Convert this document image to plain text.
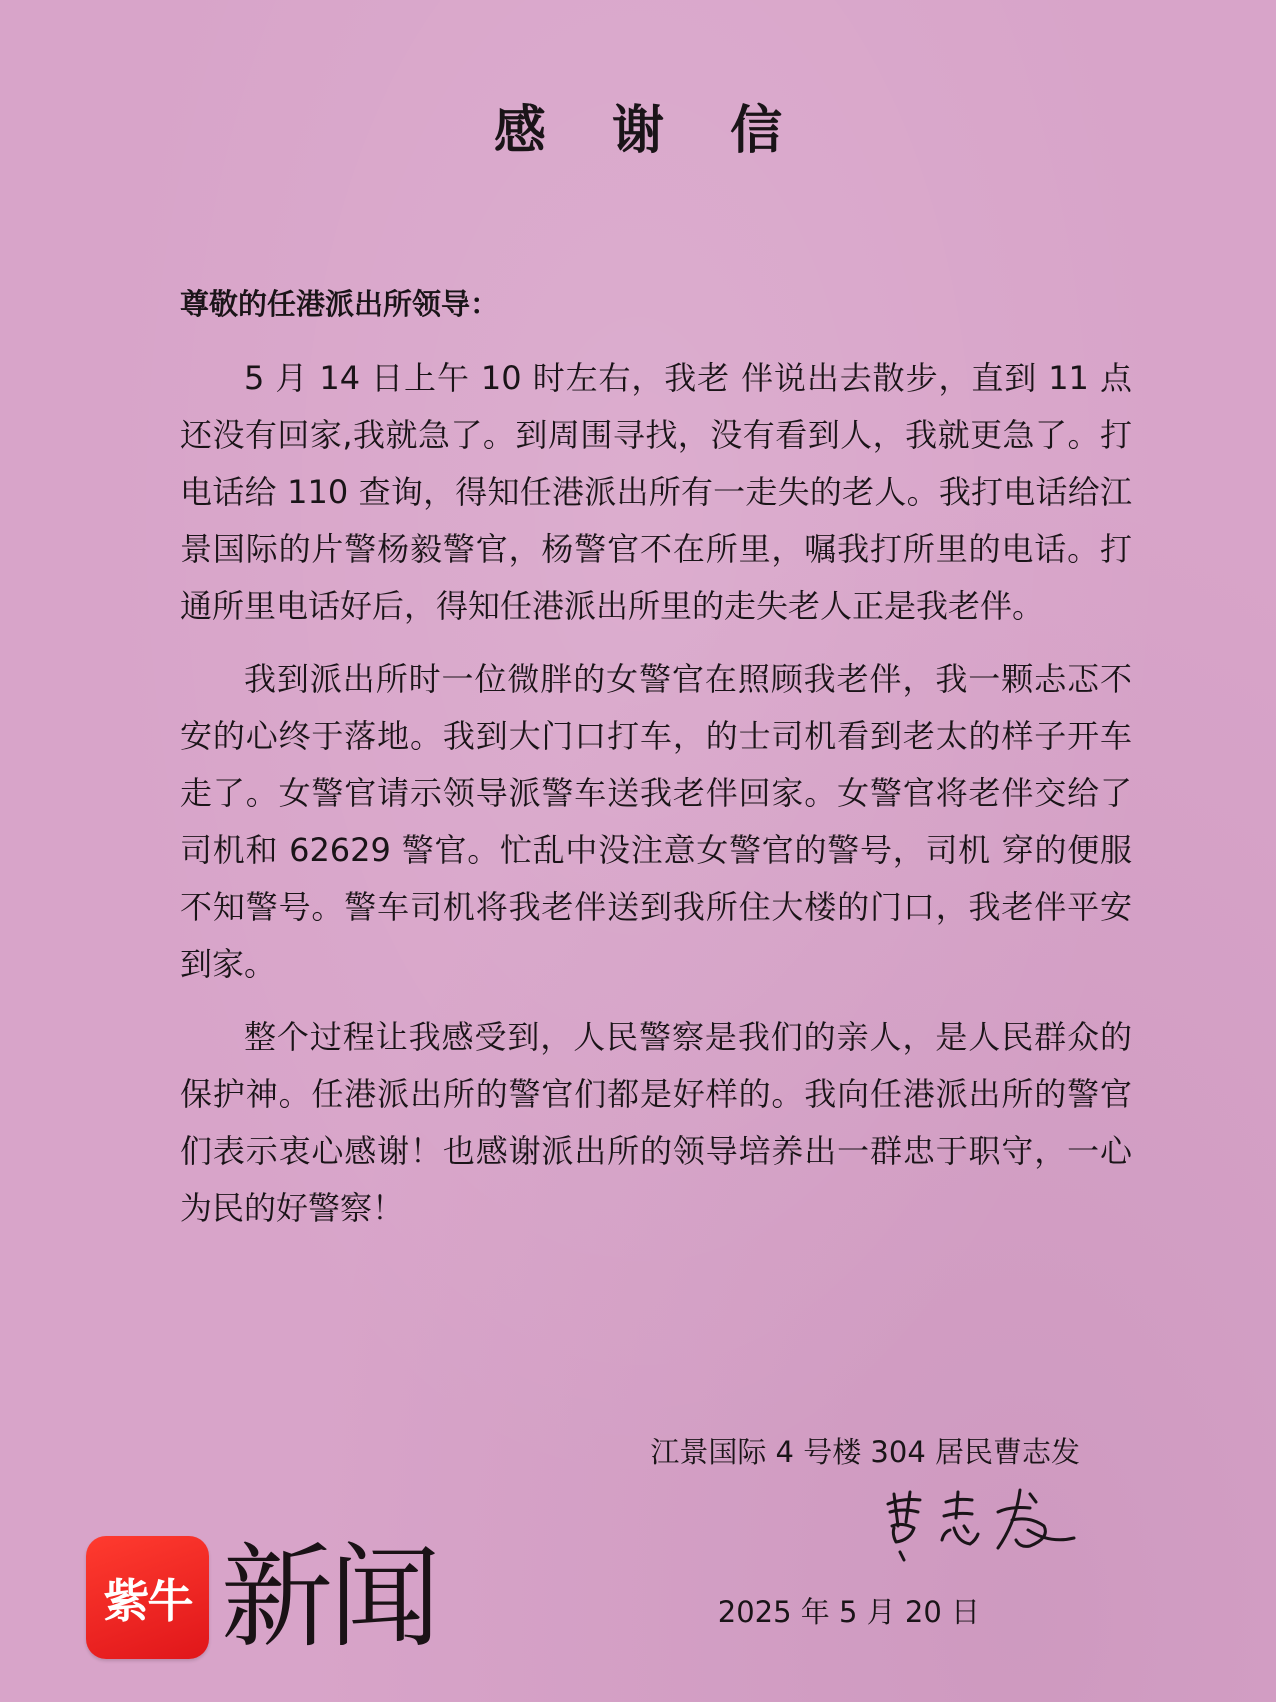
感 谢 信
尊敬的任港派出所领导：

5 月 14 日上午 10 时左右，我老 伴说出去散步，直到 11 点还没有回家,我就急了。到周围寻找，没有看到人，我就更急了。打电话给 110 查询，得知任港派出所有一走失的老人。我打电话给江景国际的片警杨毅警官，杨警官不在所里，嘱我打所里的电话。打通所里电话好后，得知任港派出所里的走失老人正是我老伴。

我到派出所时一位微胖的女警官在照顾我老伴，我一颗忐忑不安的心终于落地。我到大门口打车，的士司机看到老太的样子开车走了。女警官请示领导派警车送我老伴回家。女警官将老伴交给了司机和 62629 警官。忙乱中没注意女警官的警号，司机 穿的便服不知警号。警车司机将我老伴送到我所住大楼的门口，我老伴平安到家。

整个过程让我感受到，人民警察是我们的亲人，是人民群众的保护神。任港派出所的警官们都是好样的。我向任港派出所的警官们表示衷心感谢！也感谢派出所的领导培养出一群忠于职守，一心为民的好警察！

江景国际 4 号楼 304 居民曹志发
2025 年 5 月 20 日
紫牛 新闻
